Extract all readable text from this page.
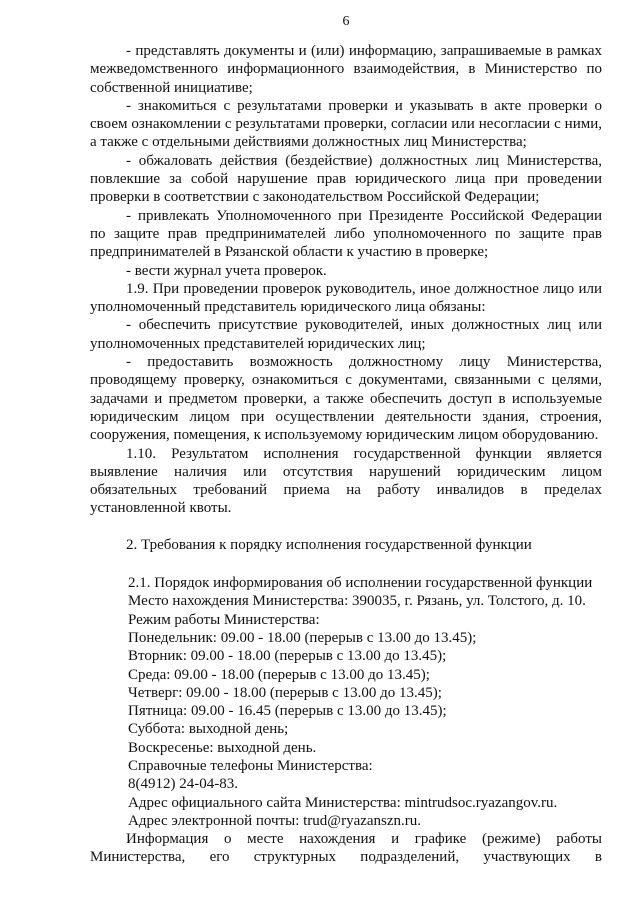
6

- представлять документы и (или) информацию, запрашиваемые в рамках межведомственного информационного взаимодействия, в Министерство по собственной инициативе;

- знакомиться с результатами проверки и указывать в акте проверки о своем ознакомлении с результатами проверки, согласии или несогласии с ними, а также с отдельными действиями должностных лиц Министерства;

- обжаловать действия (бездействие) должностных лиц Министерства, повлекшие за собой нарушение прав юридического лица при проведении проверки в соответствии с законодательством Российской Федерации;

- привлекать Уполномоченного при Президенте Российской Федерации по защите прав предпринимателей либо уполномоченного по защите прав предпринимателей в Рязанской области к участию в проверке;

- вести журнал учета проверок.

1.9. При проведении проверок руководитель, иное должностное лицо или уполномоченный представитель юридического лица обязаны:

- обеспечить присутствие руководителей, иных должностных лиц или уполномоченных представителей юридических лиц;

- предоставить возможность должностному лицу Министерства, проводящему проверку, ознакомиться с документами, связанными с целями, задачами и предметом проверки, а также обеспечить доступ в используемые юридическим лицом при осуществлении деятельности здания, строения, сооружения, помещения, к используемому юридическим лицом оборудованию.

1.10. Результатом исполнения государственной функции является выявление наличия или отсутствия нарушений юридическим лицом обязательных требований приема на работу инвалидов в пределах установленной квоты.

2. Требования к порядку исполнения государственной функции

2.1. Порядок информирования об исполнении государственной функции
Место нахождения Министерства: 390035, г. Рязань, ул. Толстого, д. 10.
Режим работы Министерства:
Понедельник: 09.00 - 18.00 (перерыв с 13.00 до 13.45);
Вторник: 09.00 - 18.00 (перерыв с 13.00 до 13.45);
Среда: 09.00 - 18.00 (перерыв с 13.00 до 13.45);
Четверг: 09.00 - 18.00 (перерыв с 13.00 до 13.45);
Пятница: 09.00 - 16.45 (перерыв с 13.00 до 13.45);
Суббота: выходной день;
Воскресенье: выходной день.
Справочные телефоны Министерства:
8(4912) 24-04-83.
Адрес официального сайта Министерства: mintrudsoc.ryazangov.ru.
Адрес электронной почты: trud@ryazanszn.ru.

Информация о месте нахождения и графике (режиме) работы Министерства, его структурных подразделений, участвующих в
